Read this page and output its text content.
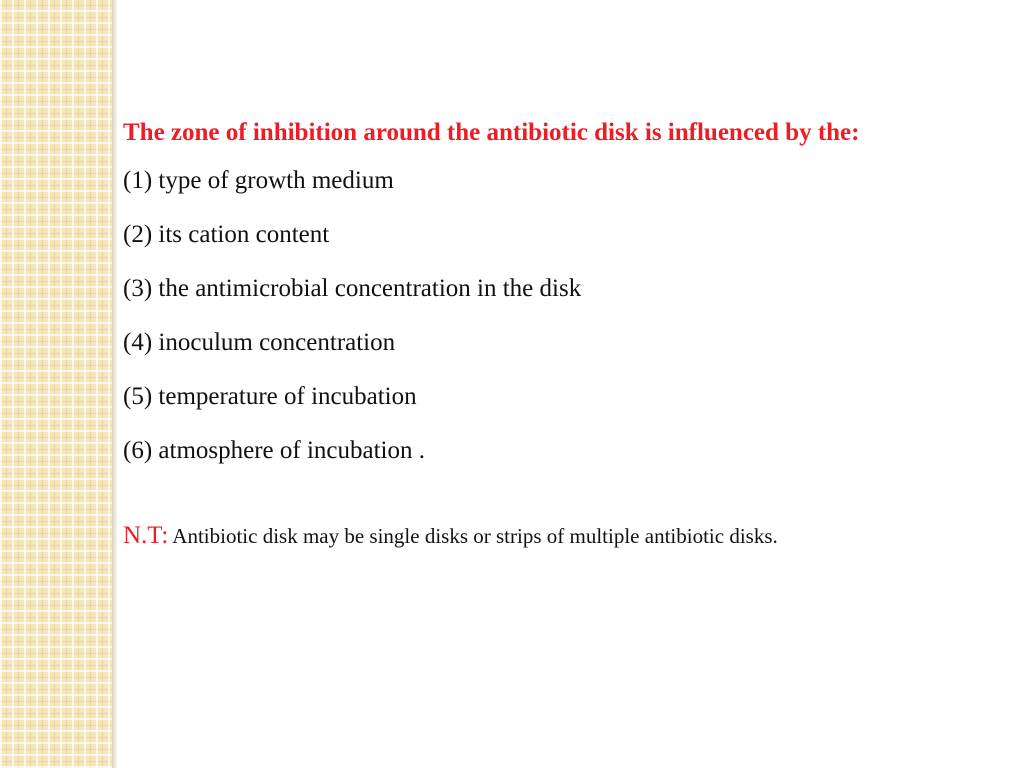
The zone of inhibition around the antibiotic disk is influenced by the:

(1) type of growth medium
(2) its cation content
(3) the antimicrobial concentration in the disk
(4) inoculum concentration
(5) temperature of incubation
(6) atmosphere of incubation .
N.T: Antibiotic disk may be single disks or strips of multiple antibiotic disks.
